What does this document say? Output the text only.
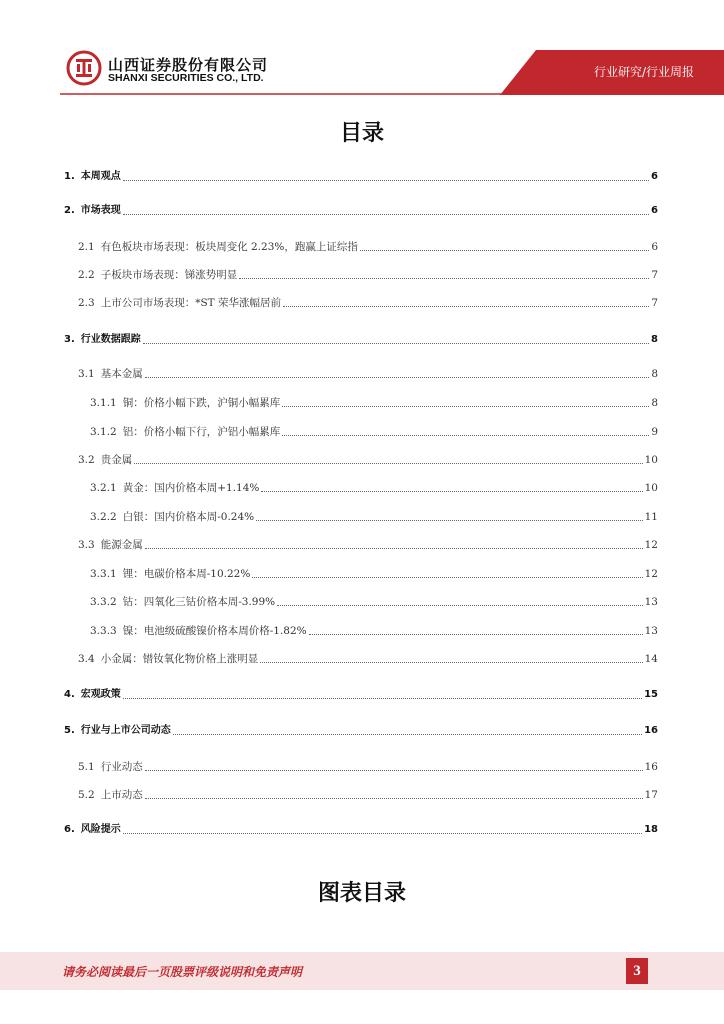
山西证券股份有限公司
SHANXI SECURITIES CO., LTD.	行业研究/行业周报
目录
1. 本周观点	6
2. 市场表现	6
2.1 有色板块市场表现：板块周变化 2.23%，跑赢上证综指	6
2.2 子板块市场表现：锑涨势明显	7
2.3 上市公司市场表现：*ST 荣华涨幅居前	7
3. 行业数据跟踪	8
3.1 基本金属	8
3.1.1 铜：价格小幅下跌，沪铜小幅累库	8
3.1.2 铝：价格小幅下行，沪铝小幅累库	9
3.2 贵金属	10
3.2.1 黄金：国内价格本周+1.14%	10
3.2.2 白银：国内价格本周-0.24%	11
3.3 能源金属	12
3.3.1 锂：电碳价格本周-10.22%	12
3.3.2 钴：四氧化三钴价格本周-3.99%	13
3.3.3 镍：电池级硫酸镍价格本周价格-1.82%	13
3.4 小金属：镨钕氧化物价格上涨明显	14
4. 宏观政策	15
5. 行业与上市公司动态	16
5.1 行业动态	16
5.2 上市动态	17
6. 风险提示	18
图表目录
请务必阅读最后一页股票评级说明和免责声明	3
